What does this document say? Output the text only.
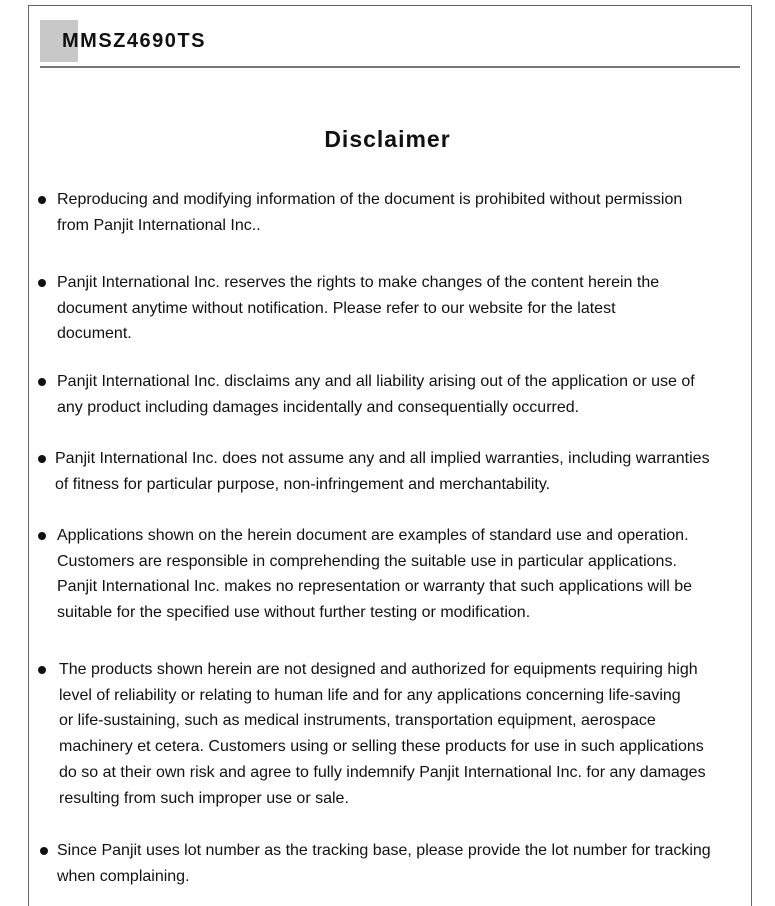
MMSZ4690TS
Disclaimer
Reproducing and modifying information of the document is prohibited without permission
from Panjit International Inc..
Panjit International Inc. reserves the rights to make changes of the content herein the
document anytime without notification. Please refer to our website for the latest
document.
Panjit International Inc. disclaims any and all liability arising out of the application or use of
any product including damages incidentally and consequentially occurred.
Panjit International Inc. does not assume any and all implied warranties, including warranties
of fitness for particular purpose, non-infringement and merchantability.
Applications shown on the herein document are examples of standard use and operation.
Customers are responsible in comprehending the suitable use in particular applications.
Panjit International Inc. makes no representation or warranty that such applications will be
suitable for the specified use without further testing or modification.
The products shown herein are not designed and authorized for equipments requiring high
level of reliability or relating to human life and for any applications concerning life-saving
or life-sustaining, such as medical instruments, transportation equipment, aerospace
machinery et cetera. Customers using or selling these products for use in such applications
do so at their own risk and agree to fully indemnify Panjit International Inc. for any damages
resulting from such improper use or sale.
Since Panjit uses lot number as the tracking base, please provide the lot number for tracking
when complaining.
